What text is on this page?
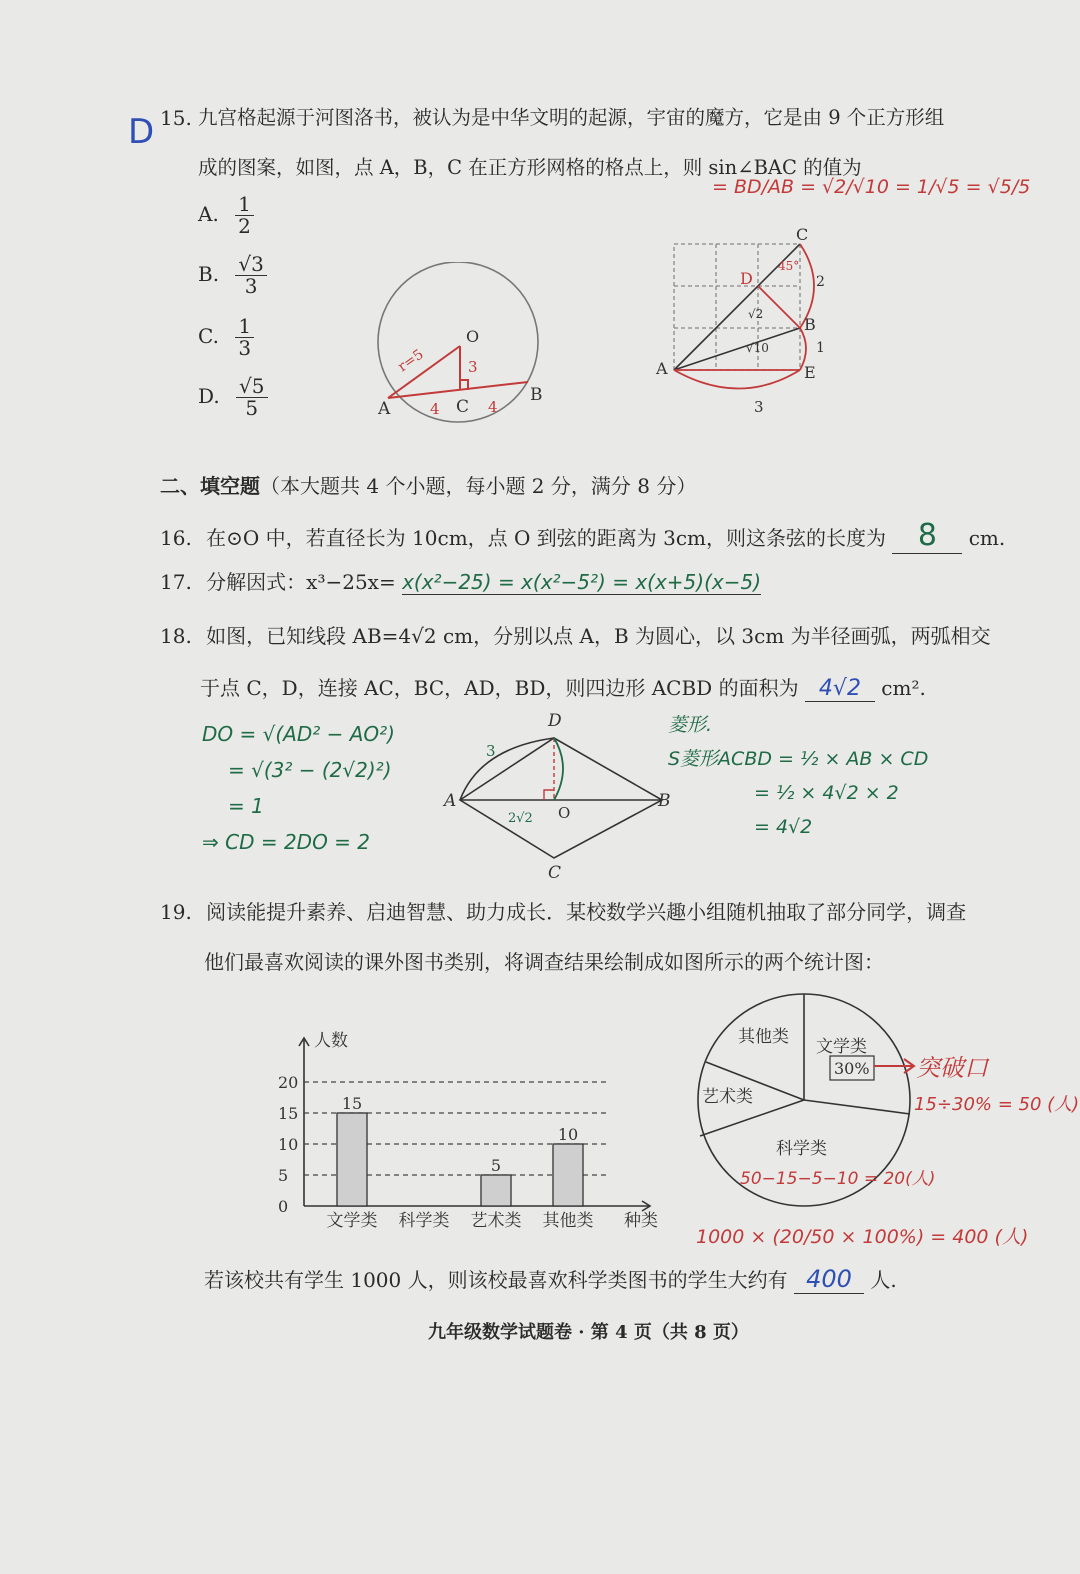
D 15. 九宫格起源于河图洛书，被认为是中华文明的起源，宇宙的魔方，它是由 9 个正方形组
成的图案，如图，点 A，B，C 在正方形网格的格点上，则 sin∠BAC 的值为
= BD/AB = √2/√10 = 1/√5 = √5/5
A. $\frac{1}{2}$
B. $\frac{√3}{3}$
C. $\frac{1}{3}$
D. $\frac{√5}{5}$
O
A	C
B
r=5	3
4	4
C
D
B
A	E
45°
2
1
3
√2
√10
二、填空题（本大题共 4 个小题，每小题 2 分，满分 8 分）
16. 在⊙O 中，若直径长为 10cm，点 O 到弦的距离为 3cm，则这条弦的长度为 8 cm.
17. 分解因式：x³−25x= x(x²−25) = x(x²−5²) = x(x+5)(x−5)
18. 如图，已知线段 AB=4√2 cm，分别以点 A，B 为圆心，以 3cm 为半径画弧，两弧相交
于点 C，D，连接 AC，BC，AD，BD，则四边形 ACBD 的面积为 4√2 cm².
DO = √(AD² − AO²)
= √(3² − (2√2)²)
= 1
⇒ CD = 2DO = 2
D
A	B
C
O
3
2√2
菱形.
S菱形ACBD = ½ × AB × CD
= ½ × 4√2 × 2
= 4√2
19. 阅读能提升素养、启迪智慧、助力成长．某校数学兴趣小组随机抽取了部分同学，调查
他们最喜欢阅读的课外图书类别，将调查结果绘制成如图所示的两个统计图：
人数
种类
0
5
10
15
20
15
文学类 科学类
5
艺术类
10
其他类
其他类 文学类
30%
艺术类
科学类
突破口
15÷30% = 50 (人)
50−15−5−10 = 20(人)
1000 × (20/50 × 100%) = 400 (人)
若该校共有学生 1000 人，则该校最喜欢科学类图书的学生大约有 400 人.
九年级数学试题卷 · 第 4 页（共 8 页）
